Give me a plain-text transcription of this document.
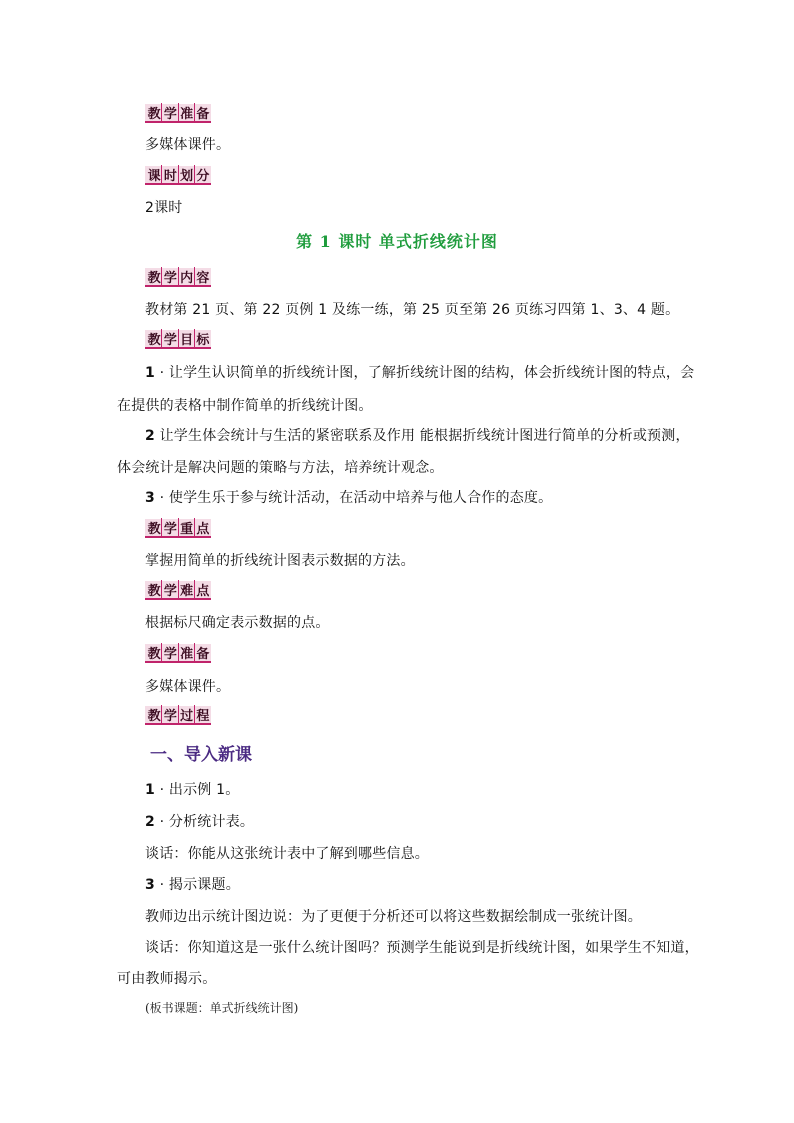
教 学 准 备
多媒体课件。
课 时 划 分
2课时
第 1 课时 单式折线统计图
教 学 内 容
教材第 21 页、第 22 页例 1 及练一练，第 25 页至第 26 页练习四第 1、3、4 题。
教 学 目 标
1 · 让学生认识简单的折线统计图，了解折线统计图的结构，体会折线统计图的特点，会
在提供的表格中制作简单的折线统计图。
2 让学生体会统计与生活的紧密联系及作用 能根据折线统计图进行简单的分析或预测，
体会统计是解决问题的策略与方法，培养统计观念。
3 · 使学生乐于参与统计活动，在活动中培养与他人合作的态度。
教 学 重 点
掌握用简单的折线统计图表示数据的方法。
教 学 难 点
根据标尺确定表示数据的点。
教 学 准 备
多媒体课件。
教 学 过 程
一、导入新课
1 · 出示例 1。
2 · 分析统计表。
谈话：你能从这张统计表中了解到哪些信息。
3 · 揭示课题。
教师边出示统计图边说：为了更便于分析还可以将这些数据绘制成一张统计图。
谈话：你知道这是一张什么统计图吗？预测学生能说到是折线统计图，如果学生不知道，
可由教师揭示。
(板书课题：单式折线统计图)
